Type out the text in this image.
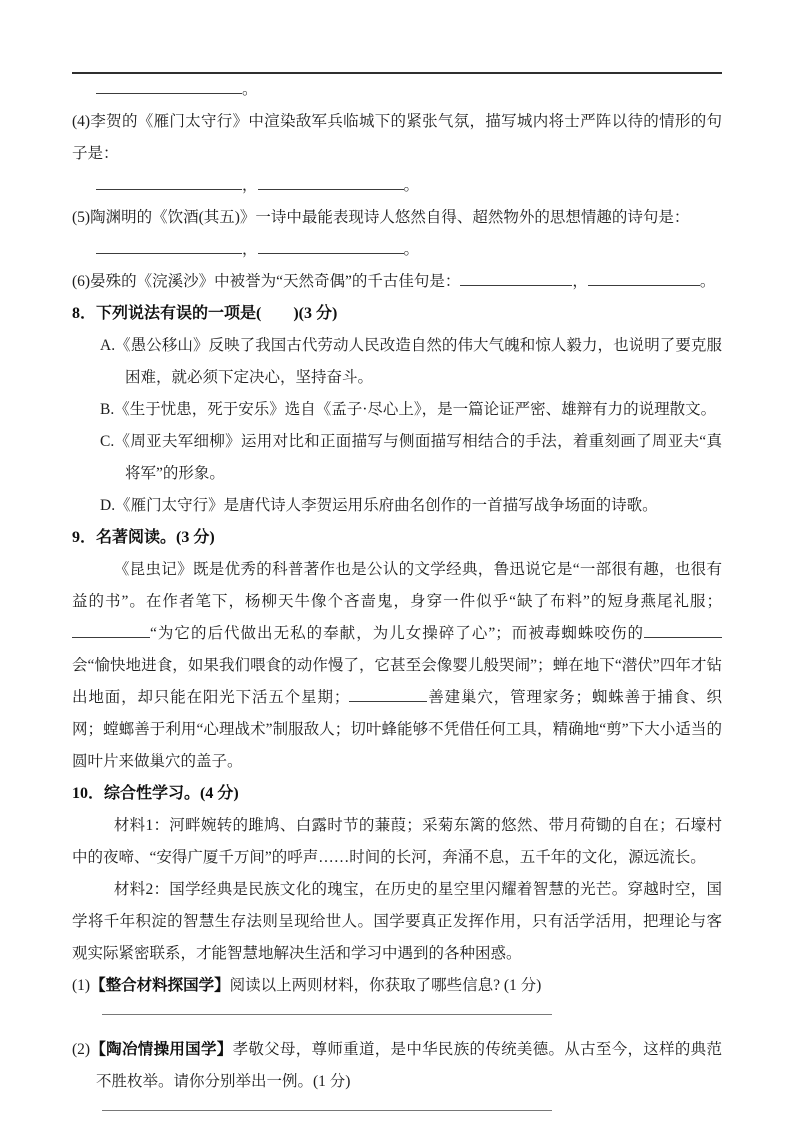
。

(4)李贺的《雁门太守行》中渲染敌军兵临城下的紧张气氛，描写城内将士严阵以待的情形的句子是：

，	。

(5)陶渊明的《饮酒(其五)》一诗中最能表现诗人悠然自得、超然物外的思想情趣的诗句是：

，	。

(6)晏殊的《浣溪沙》中被誉为“天然奇偶”的千古佳句是：	，	。

8．下列说法有误的一项是(　　)(3 分)

A.《愚公移山》反映了我国古代劳动人民改造自然的伟大气魄和惊人毅力，也说明了要克服困难，就必须下定决心，坚持奋斗。

B.《生于忧患，死于安乐》选自《孟子·尽心上》，是一篇论证严密、雄辩有力的说理散文。

C.《周亚夫军细柳》运用对比和正面描写与侧面描写相结合的手法，着重刻画了周亚夫“真将军”的形象。

D.《雁门太守行》是唐代诗人李贺运用乐府曲名创作的一首描写战争场面的诗歌。

9．名著阅读。(3 分)

《昆虫记》既是优秀的科普著作也是公认的文学经典，鲁迅说它是“一部很有趣，也很有益的书”。在作者笔下，杨柳天牛像个吝啬鬼，身穿一件似乎“缺了布料”的短身燕尾礼服；“为它的后代做出无私的奉献，为儿女操碎了心”；而被毒蜘蛛咬伤的会“愉快地进食，如果我们喂食的动作慢了，它甚至会像婴儿般哭闹”；蝉在地下“潜伏”四年才钻出地面，却只能在阳光下活五个星期；	善建巢穴，管理家务；蜘蛛善于捕食、织网；螳螂善于利用“心理战术”制服敌人；切叶蜂能够不凭借任何工具，精确地“剪”下大小适当的圆叶片来做巢穴的盖子。

10．综合性学习。(4 分)

材料1：河畔婉转的雎鸠、白露时节的蒹葭；采菊东篱的悠然、带月荷锄的自在；石壕村中的夜啼、“安得广厦千万间”的呼声……时间的长河，奔涌不息，五千年的文化，源远流长。

材料2：国学经典是民族文化的瑰宝，在历史的星空里闪耀着智慧的光芒。穿越时空，国学将千年积淀的智慧生存法则呈现给世人。国学要真正发挥作用，只有活学活用，把理论与客观实际紧密联系，才能智慧地解决生活和学习中遇到的各种困惑。

(1)【整合材料探国学】阅读以上两则材料，你获取了哪些信息? (1 分)

(2)【陶冶情操用国学】孝敬父母，尊师重道，是中华民族的传统美德。从古至今，这样的典范不胜枚举。请你分别举出一例。(1 分)
